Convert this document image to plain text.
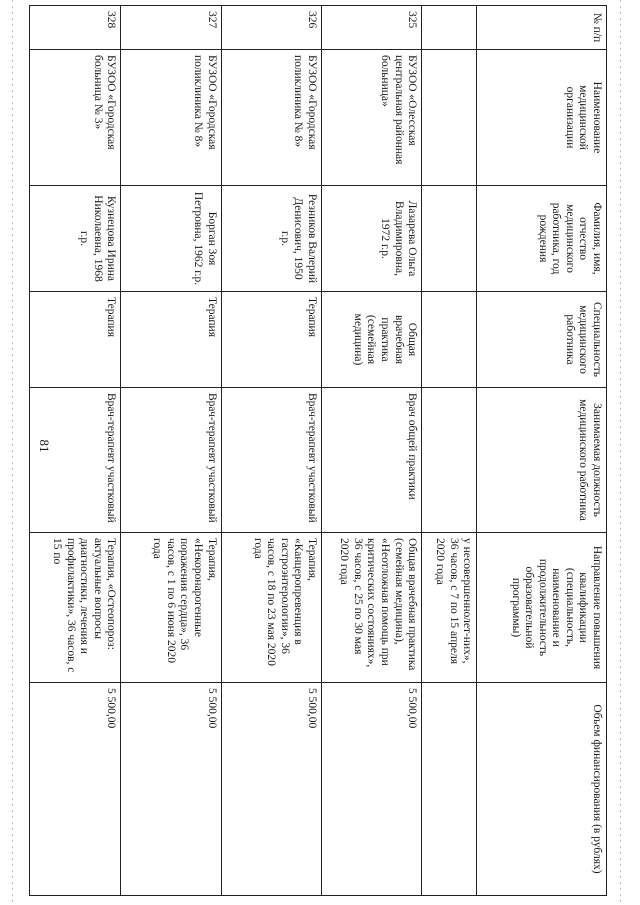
81
№ п/п	Наименование медицинской организации	Фамилия, имя, отчество медицинского работника, год рождения	Специальность медицинского работника	Занимаемая должность медицинского работника	Направление повышения квалификации (специальность, наименование и продолжительность образовательной программы)	Объем финансирования (в рублях)
					у несовершеннолет-них», 36 часов, с 7 по 15 апреля 2020 года	
325	БУЗОО «Олесская центральная районная больница»	Лазарева Ольга Владимировна, 1972 г.р.	Общая врачебная практика (семейная медицина)	Врач общей практики	Общая врачебная практика (семейная медицина), «Неотложная помощь при критических состояниях», 36 часов, с 25 по 30 мая 2020 года	5 500,00
326	БУЗОО «Городская поликлиника № 8»	Резников Валерий Денисович, 1950 г.р.	Терапия	Врач-терапевт участковый	Терапия, «Канцеропревенция в гастроэнтерологии», 36 часов, с 18 по 23 мая 2020 года	5 500,00
327	БУЗОО «Городская поликлиника № 8»	Борган Зоя Петровна, 1962 г.р.	Терапия	Врач-терапевт участковый	Терапия, «Некоронарогенные поражения сердца», 36 часов, с 1 по 6 июня 2020 года	5 500,00
328	БУЗОО «Городская больница № 3»	Кузнецова Ирина Николаевна, 1968 г.р.	Терапия	Врач-терапевт участковый	Терапия, «Остеопороз: актуальные вопросы диагностики, лечения и профилактики», 36 часов, с 15 по	5 500,00
